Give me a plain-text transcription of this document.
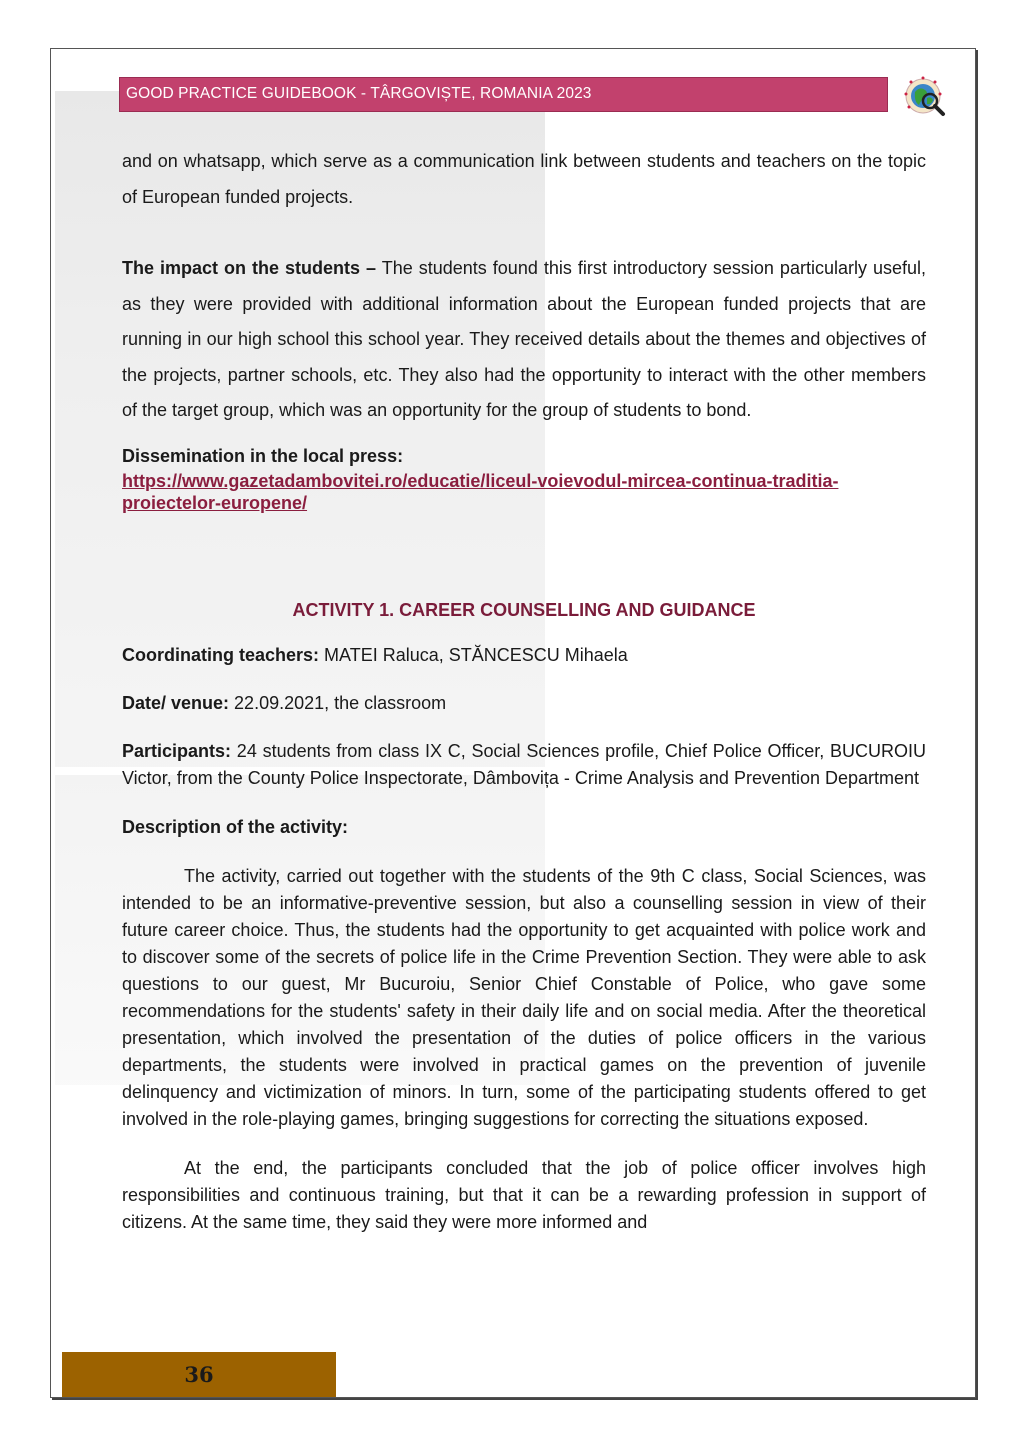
GOOD PRACTICE GUIDEBOOK - TÂRGOVIȘTE, ROMANIA 2023

and on whatsapp, which serve as a communication link between students and teachers on the topic of European funded projects.

The impact on the students – The students found this first introductory session particularly useful, as they were provided with additional information about the European funded projects that are running in our high school this school year. They received details about the themes and objectives of the projects, partner schools, etc. They also had the opportunity to interact with the other members of the target group, which was an opportunity for the group of students to bond.

Dissemination in the local press:

https://www.gazetadambovitei.ro/educatie/liceul-voievodul-mircea-continua-traditia-proiectelor-europene/

ACTIVITY 1. CAREER COUNSELLING AND GUIDANCE

Coordinating teachers: MATEI Raluca, STĂNCESCU Mihaela

Date/ venue: 22.09.2021, the classroom

Participants: 24 students from class IX C, Social Sciences profile, Chief Police Officer, BUCUROIU Victor, from the County Police Inspectorate, Dâmbovița - Crime Analysis and Prevention Department

Description of the activity:

The activity, carried out together with the students of the 9th C class, Social Sciences, was intended to be an informative-preventive session, but also a counselling session in view of their future career choice. Thus, the students had the opportunity to get acquainted with police work and to discover some of the secrets of police life in the Crime Prevention Section. They were able to ask questions to our guest, Mr Bucuroiu, Senior Chief Constable of Police, who gave some recommendations for the students' safety in their daily life and on social media. After the theoretical presentation, which involved the presentation of the duties of police officers in the various departments, the students were involved in practical games on the prevention of juvenile delinquency and victimization of minors. In turn, some of the participating students offered to get involved in the role-playing games, bringing suggestions for correcting the situations exposed.

At the end, the participants concluded that the job of police officer involves high responsibilities and continuous training, but that it can be a rewarding profession in support of citizens. At the same time, they said they were more informed and

36
